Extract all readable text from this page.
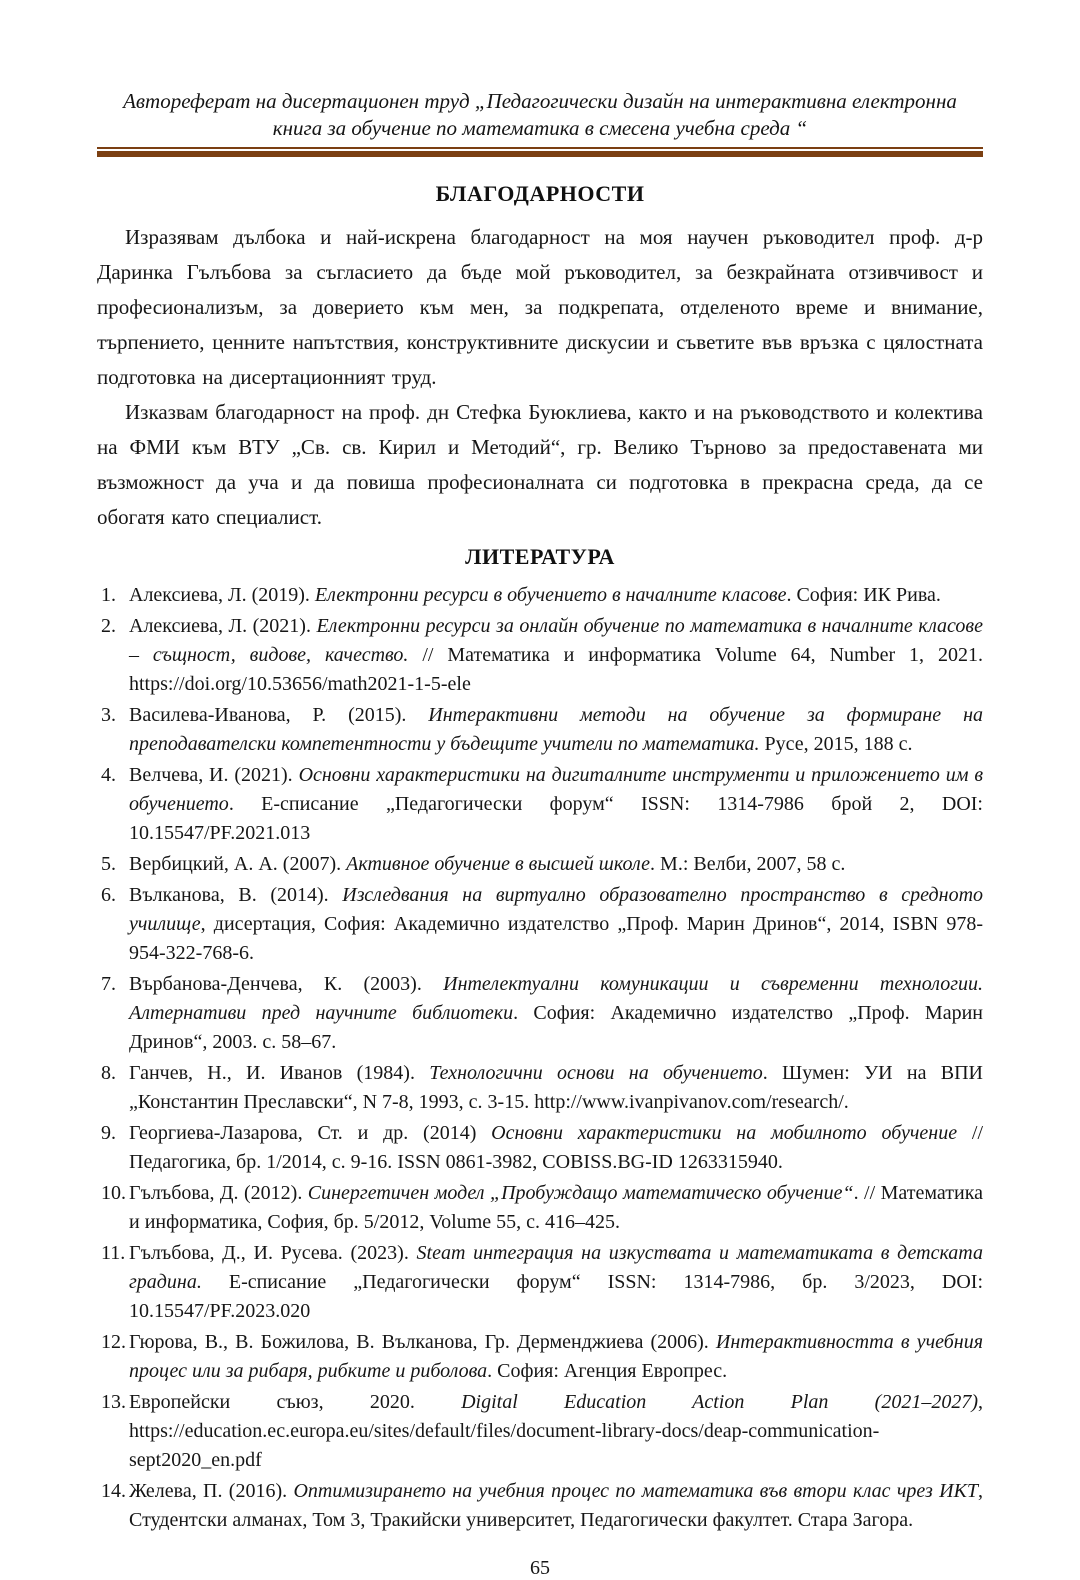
Автореферат на дисертационен труд „Педагогически дизайн на интерактивна електронна
книга за обучение по математика в смесена учебна среда “
БЛАГОДАРНОСТИ

Изразявам дълбока и най-искрена благодарност на моя научен ръководител проф. д-р Даринка Гълъбова за съгласието да бъде мой ръководител, за безкрайната отзивчивост и професионализъм, за доверието към мен, за подкрепата, отделеното време и внимание, търпението, ценните напътствия, конструктивните дискусии и съветите във връзка с цялостната подготовка на дисертационният труд.

Изказвам благодарност на проф. дн Стефка Буюклиева, както и на ръководството и колектива на ФМИ към ВТУ „Св. св. Кирил и Методий“, гр. Велико Търново за предоставената ми възможност да уча и да повиша професионалната си подготовка в прекрасна среда, да се обогатя като специалист.

ЛИТЕРАТУРА
1. Алексиева, Л. (2019). Електронни ресурси в обучението в началните класове. София: ИК Рива.
2. Алексиева, Л. (2021). Електронни ресурси за онлайн обучение по математика в началните класове – същност, видове, качество. // Математика и информатика Volume 64, Number 1, 2021. https://doi.org/10.53656/math2021-1-5-ele
3. Василева-Иванова, Р. (2015). Интерактивни методи на обучение за формиране на преподавателски компетентности у бъдещите учители по математика. Русе, 2015, 188 с.
4. Велчева, И. (2021). Основни характеристики на дигиталните инструменти и приложението им в обучението. Е-списание „Педагогически форум“ ISSN: 1314-7986 брой 2, DOI: 10.15547/PF.2021.013
5. Вербицкий, А. А. (2007). Активное обучение в высшей школе. М.: Велби, 2007, 58 с.
6. Вълканова, В. (2014). Изследвания на виртуално образователно пространство в средното училище, дисертация, София: Академично издателство „Проф. Марин Дринов“, 2014, ISBN 978-954-322-768-6.
7. Върбанова-Денчева, К. (2003). Интелектуални комуникации и съвременни технологии. Алтернативи пред научните библиотеки. София: Академично издателство „Проф. Марин Дринов“, 2003. с. 58–67.
8. Ганчев, Н., И. Иванов (1984). Технологични основи на обучението. Шумен: УИ на ВПИ „Константин Преславски“, N 7-8, 1993, с. 3-15. http://www.ivanpivanov.com/research/.
9. Георгиева-Лазарова, Ст. и др. (2014) Основни характеристики на мобилното обучение //Педагогика, бр. 1/2014, с. 9-16. ISSN 0861-3982, COBISS.BG-ID 1263315940.
10. Гълъбова, Д. (2012). Синергетичен модел „Пробуждащо математическо обучение“. // Математика и информатика, София, бр. 5/2012, Volume 55, с. 416–425.
11. Гълъбова, Д., И. Русева. (2023). Steam интеграция на изкуствата и математиката в детската градина. Е-списание „Педагогически форум“ ISSN: 1314-7986, бр. 3/2023, DOI: 10.15547/PF.2023.020
12. Гюрова, В., В. Божилова, В. Вълканова, Гр. Дерменджиева (2006). Интерактивността в учебния процес или за рибаря, рибките и риболова. София: Агенция Европрес.
13. Европейски съюз, 2020. Digital Education Action Plan (2021–2027), https://education.ec.europa.eu/sites/default/files/document-library-docs/deap-communication-sept2020_en.pdf
14. Желева, П. (2016). Оптимизирането на учебния процес по математика във втори клас чрез ИКТ, Студентски алманах, Том 3, Тракийски университет, Педагогически факултет. Стара Загора.
65
